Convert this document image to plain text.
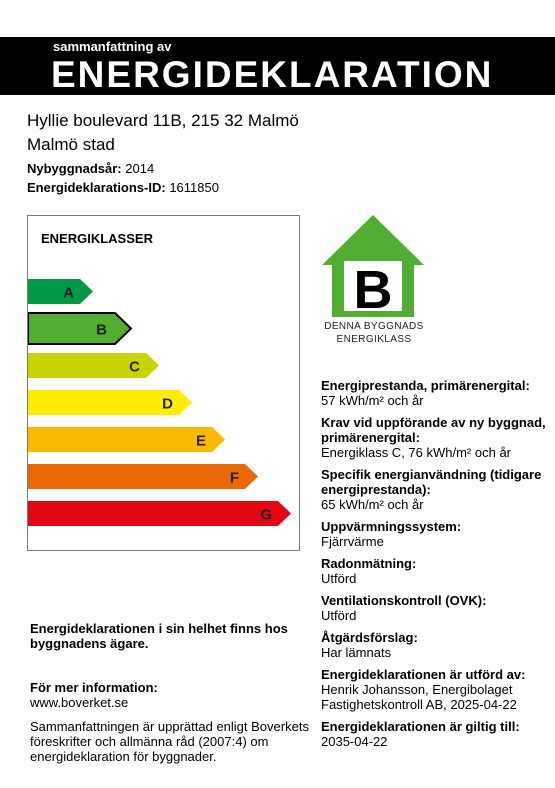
sammanfattning av
ENERGIDEKLARATION
Hyllie boulevard 11B, 215 32 Malmö
Malmö stad
Nybyggnadsår: 2014
Energideklarations-ID: 1611850
ENERGIKLASSER
A
B
C
D
E
F
G
B
DENNA BYGGNADS
ENERGIKLASS
Energiprestanda, primärenergital:
57 kWh/m² och år
Krav vid uppförande av ny byggnad, primärenergital:
Energiklass C, 76 kWh/m² och år
Specifik energianvändning (tidigare energiprestanda):
65 kWh/m² och år
Uppvärmningssystem:
Fjärrvärme
Radonmätning:
Utförd
Ventilationskontroll (OVK):
Utförd
Åtgärdsförslag:
Har lämnats
Energideklarationen är utförd av:
Henrik Johansson, Energibolaget Fastighetskontroll AB, 2025-04-22
Energideklarationen är giltig till:
2035-04-22
Energideklarationen i sin helhet finns hos byggnadens ägare.
För mer information:
www.boverket.se
Sammanfattningen är upprättad enligt Boverkets föreskrifter och allmänna råd (2007:4) om energideklaration för byggnader.
